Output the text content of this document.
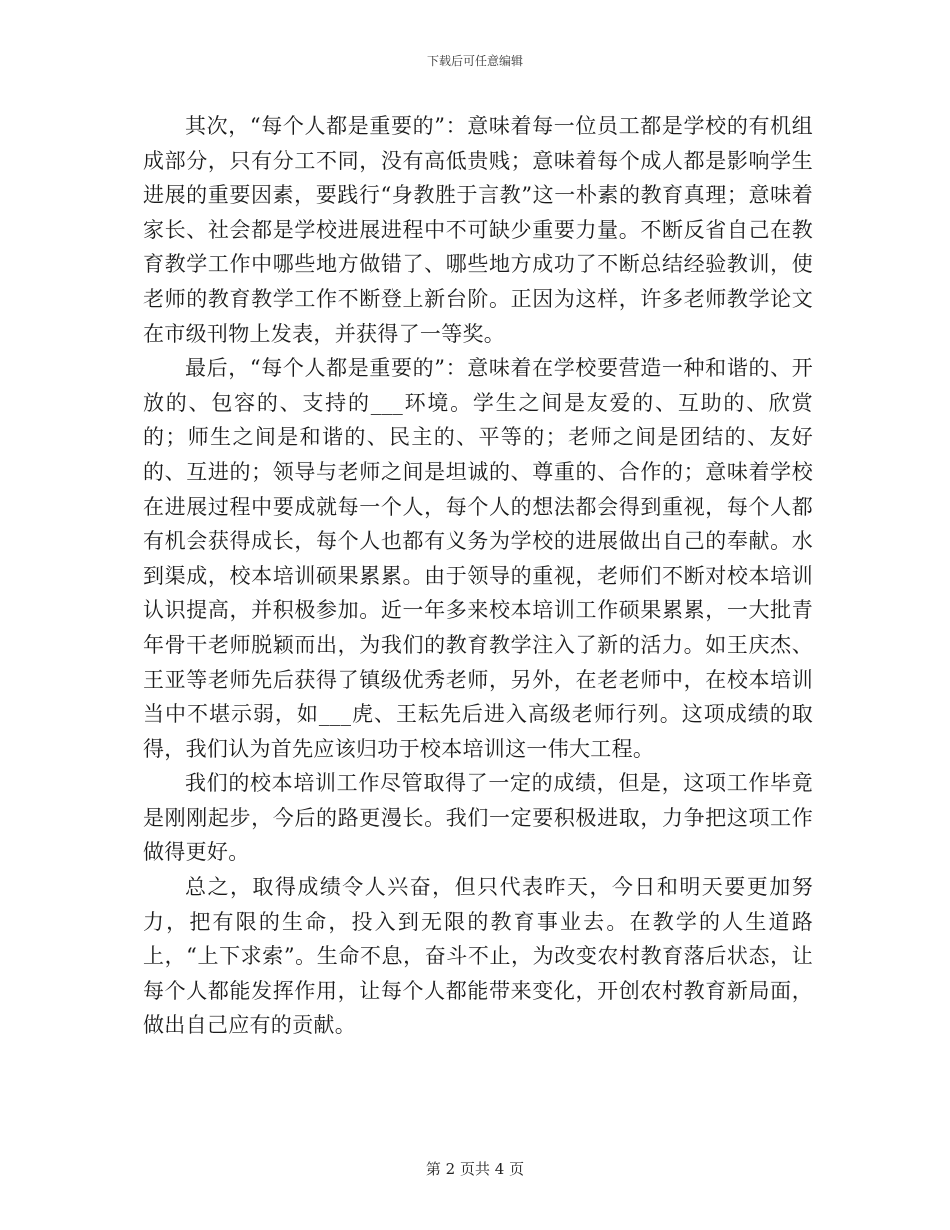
下载后可任意编辑

其次，“每个人都是重要的”：意味着每一位员工都是学校的有机组成部分，只有分工不同，没有高低贵贱；意味着每个成人都是影响学生进展的重要因素，要践行“身教胜于言教”这一朴素的教育真理；意味着家长、社会都是学校进展进程中不可缺少重要力量。不断反省自己在教育教学工作中哪些地方做错了、哪些地方成功了不断总结经验教训，使老师的教育教学工作不断登上新台阶。正因为这样，许多老师教学论文在市级刊物上发表，并获得了一等奖。

最后，“每个人都是重要的”：意味着在学校要营造一种和谐的、开放的、包容的、支持的___环境。学生之间是友爱的、互助的、欣赏的；师生之间是和谐的、民主的、平等的；老师之间是团结的、友好的、互进的；领导与老师之间是坦诚的、尊重的、合作的；意味着学校在进展过程中要成就每一个人，每个人的想法都会得到重视，每个人都有机会获得成长，每个人也都有义务为学校的进展做出自己的奉献。水到渠成，校本培训硕果累累。由于领导的重视，老师们不断对校本培训认识提高，并积极参加。近一年多来校本培训工作硕果累累，一大批青年骨干老师脱颖而出，为我们的教育教学注入了新的活力。如王庆杰、王亚等老师先后获得了镇级优秀老师，另外，在老老师中，在校本培训当中不堪示弱，如___虎、王耘先后进入高级老师行列。这项成绩的取得，我们认为首先应该归功于校本培训这一伟大工程。

我们的校本培训工作尽管取得了一定的成绩，但是，这项工作毕竟是刚刚起步，今后的路更漫长。我们一定要积极进取，力争把这项工作做得更好。

总之，取得成绩令人兴奋，但只代表昨天，今日和明天要更加努力，把有限的生命，投入到无限的教育事业去。在教学的人生道路上，“上下求索”。生命不息，奋斗不止，为改变农村教育落后状态，让每个人都能发挥作用，让每个人都能带来变化，开创农村教育新局面，做出自己应有的贡献。

第 2 页共 4 页
